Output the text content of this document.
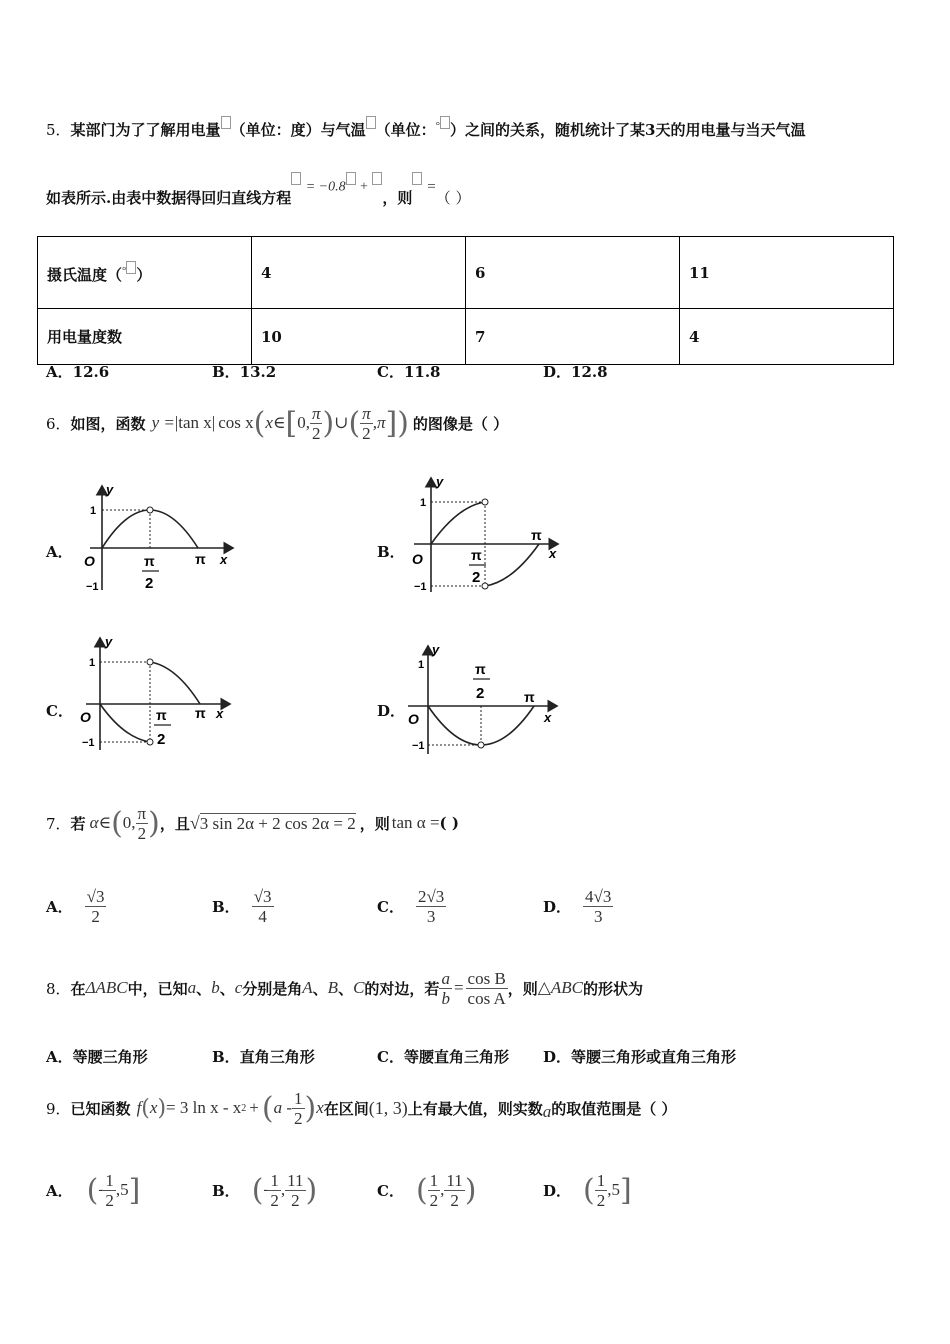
5．某部门为了了解用电量 （单位：度）与气温 （单位：° ）之间的关系，随机统计了某3天的用电量与当天气温
如表所示.由表中数据得回归直线方程 = −0.8 + ，则 =（ ）
摄氏温度（° ）	4	6	11
用电量度数	10	7	4
A．12.6	B．13.2	C．11.8	D．12.8
6． 如图，函数 y = | tan x | cos x ( x∈ [ 0, $\frac{\pi}{2}$ ) ∪ ( $\frac{\pi}{2} ,\pi$ ] ) 的图像是（ ）
A．	B．
C．	D．
y
x
O
1
−1
π
π
2
y
x
O
1
−1
π
π
2
y
x
O
1
−1
π
π
2
y
x
O
1
−1
π
π
2
7． 若 α∈ ( 0, $\frac{\pi}{2}$ ) ，且 √ 3 sin 2α + 2 cos 2α = 2 ，则 tan α = ( )
A． $\frac{√3}{2}$	B． $\frac{√3}{4}$	C． $\frac{2√3}{3}$	D． $\frac{4√3}{3}$
8． 在 ΔABC 中，已知 a 、 b 、 c 分别是角 A 、 B 、 C 的对边，若 $\frac{a}{b} = \frac{\text{cos B}}{\text{cos A}}$ ，则 △ABC 的形状为
A．等腰三角形	B．直角三角形	C．等腰直角三角形 D．等腰三角形或直角三角形
9． 已知函数 f ( x ) = 3 ln x - x 2 + ( a - $\frac{1}{2}$ ) x 在区间 (1, 3) 上有最大值，则实数 a 的取值范围是（ ）
A． ( - $\frac{1}{2} ,5$ ]	B． ( - $\frac{1}{2}$ , $\frac{11}{2}$ )	C． ( $\frac{1}{2}$ , $\frac{11}{2}$ )	D． ( $\frac{1}{2} ,5$ ]
